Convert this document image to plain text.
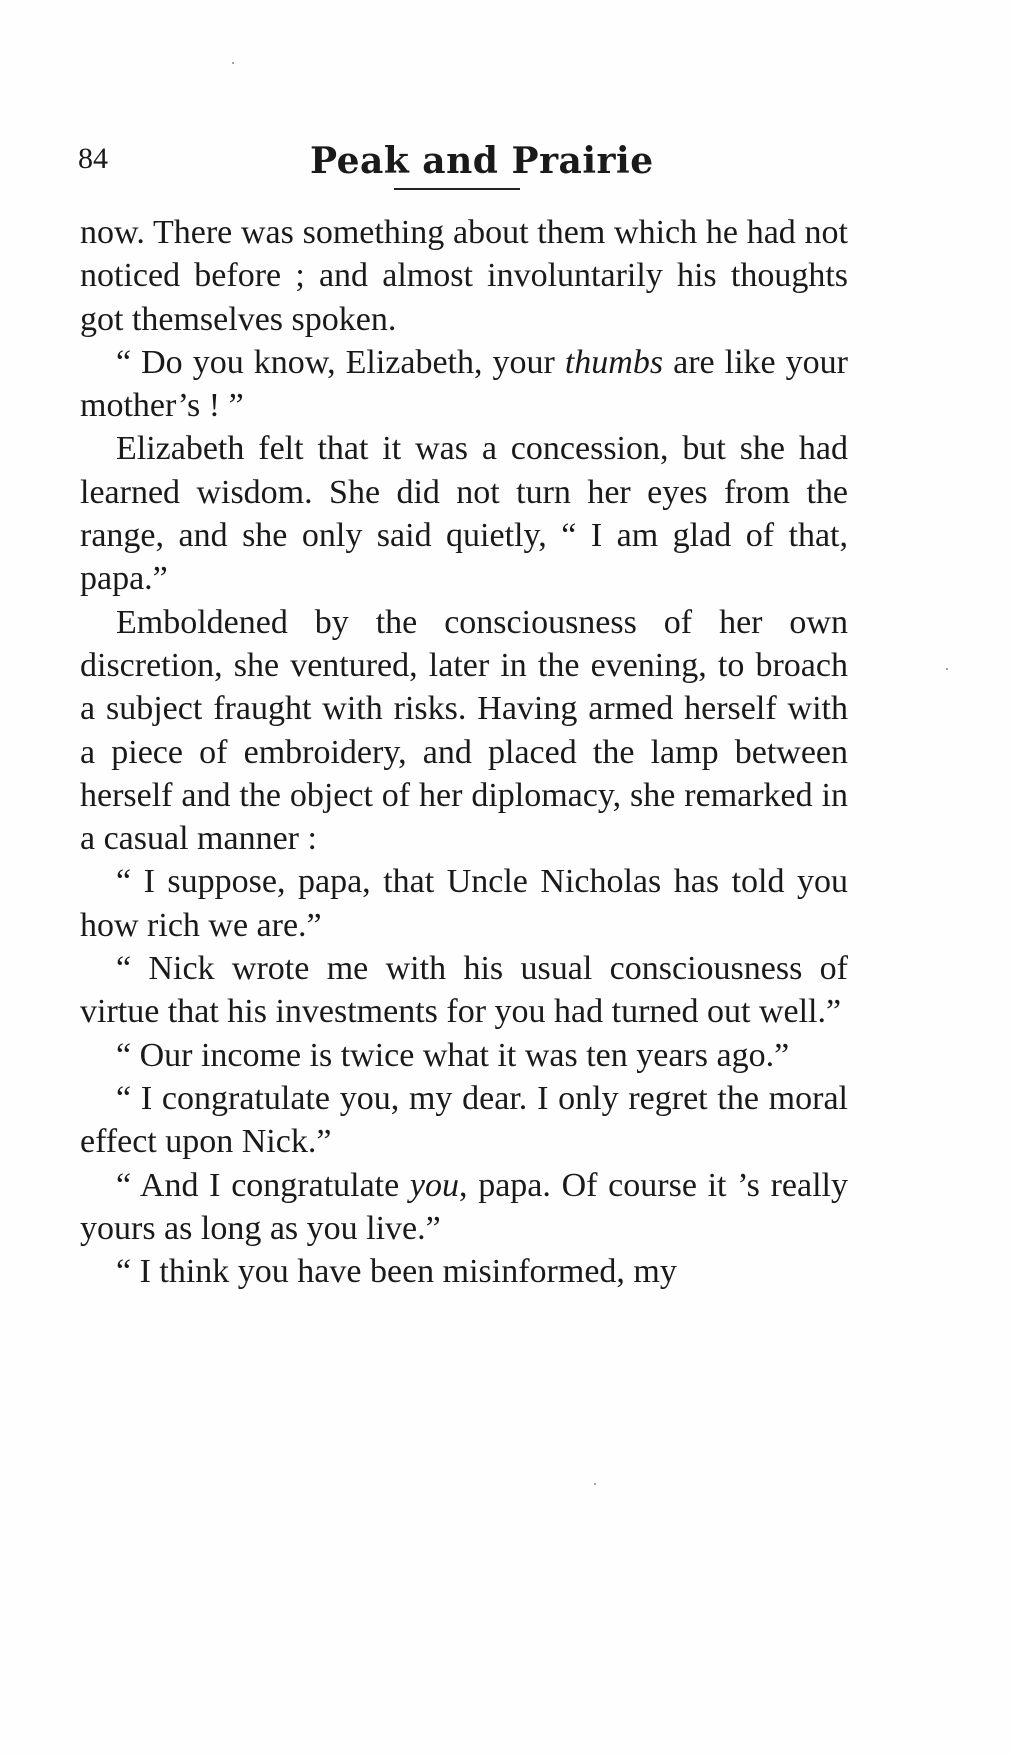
84	Peak and Prairie

now. There was something about them which he had not noticed before ; and almost involuntarily his thoughts got themselves spoken.

“ Do you know, Elizabeth, your thumbs are like your mother’s ! ”

Elizabeth felt that it was a concession, but she had learned wisdom. She did not turn her eyes from the range, and she only said quietly, “ I am glad of that, papa.”

Emboldened by the consciousness of her own discretion, she ventured, later in the evening, to broach a subject fraught with risks. Having armed herself with a piece of embroidery, and placed the lamp between herself and the object of her diplomacy, she remarked in a casual manner :

“ I suppose, papa, that Uncle Nicholas has told you how rich we are.”

“ Nick wrote me with his usual consciousness of virtue that his investments for you had turned out well.”

“ Our income is twice what it was ten years ago.”

“ I congratulate you, my dear. I only regret the moral effect upon Nick.”

“ And I congratulate you, papa. Of course it ’s really yours as long as you live.”

“ I think you have been misinformed, my
